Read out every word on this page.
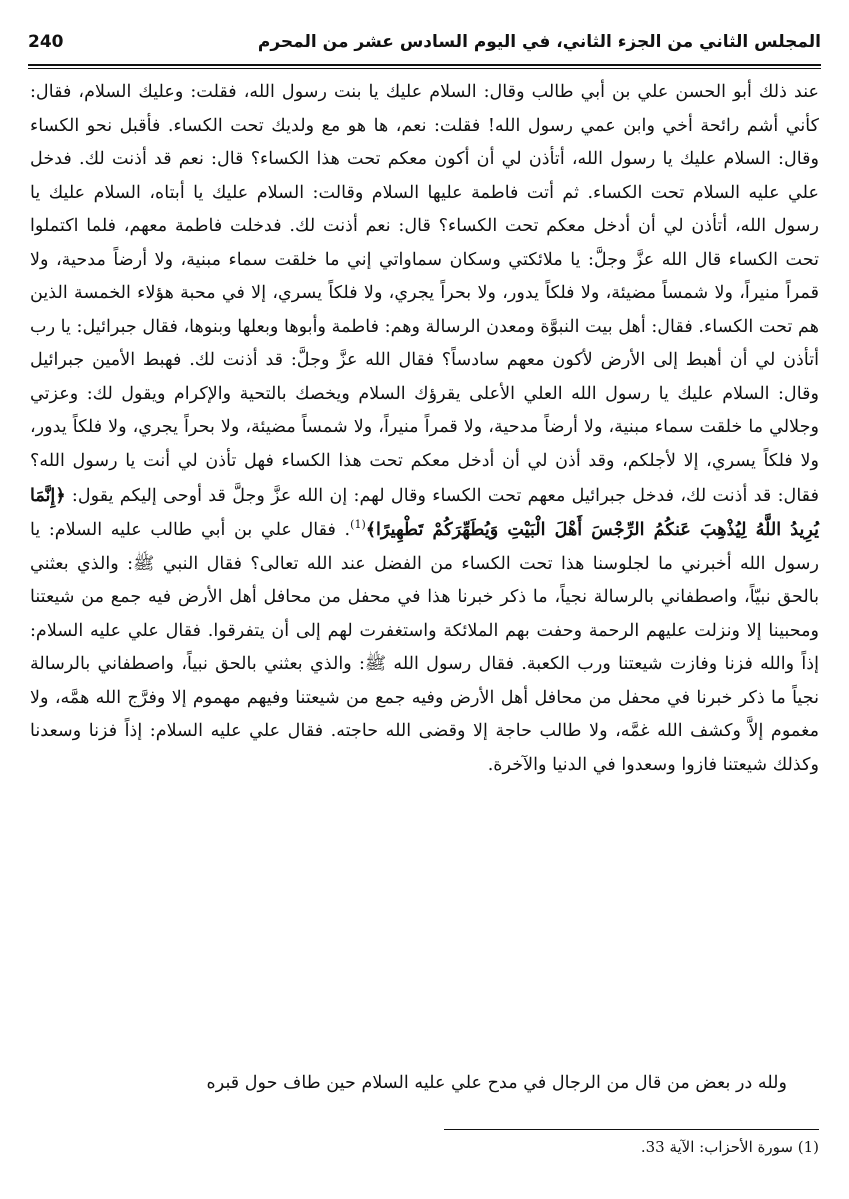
المجلس الثاني من الجزء الثاني، في اليوم السادس عشر من المحرم
240

عند ذلك أبو الحسن علي بن أبي طالب وقال: السلام عليك يا بنت رسول الله، فقلت: وعليك السلام، فقال: كأني أشم رائحة أخي وابن عمي رسول الله! فقلت: نعم، ها هو مع ولديك تحت الكساء. فأقبل نحو الكساء وقال: السلام عليك يا رسول الله، أتأذن لي أن أكون معكم تحت هذا الكساء؟ قال: نعم قد أذنت لك. فدخل علي عليه السلام تحت الكساء. ثم أتت فاطمة عليها السلام وقالت: السلام عليك يا أبتاه، السلام عليك يا رسول الله، أتأذن لي أن أدخل معكم تحت الكساء؟ قال: نعم أذنت لك. فدخلت فاطمة معهم، فلما اكتملوا تحت الكساء قال الله عزَّ وجلَّ: يا ملائكتي وسكان سماواتي إني ما خلقت سماء مبنية، ولا أرضاً مدحية، ولا قمراً منيراً، ولا شمساً مضيئة، ولا فلكاً يدور، ولا بحراً يجري، ولا فلكاً يسري، إلا في محبة هؤلاء الخمسة الذين هم تحت الكساء. فقال: أهل بيت النبوَّة ومعدن الرسالة وهم: فاطمة وأبوها وبعلها وبنوها، فقال جبرائيل: يا رب أتأذن لي أن أهبط إلى الأرض لأكون معهم سادساً؟ فقال الله عزَّ وجلَّ: قد أذنت لك. فهبط الأمين جبرائيل وقال: السلام عليك يا رسول الله العلي الأعلى يقرؤك السلام ويخصك بالتحية والإكرام ويقول لك: وعزتي وجلالي ما خلقت سماء مبنية، ولا أرضاً مدحية، ولا قمراً منيراً، ولا شمساً مضيئة، ولا بحراً يجري، ولا فلكاً يدور، ولا فلكاً يسري، إلا لأجلكم، وقد أذن لي أن أدخل معكم تحت هذا الكساء فهل تأذن لي أنت يا رسول الله؟ فقال: قد أذنت لك، فدخل جبرائيل معهم تحت الكساء وقال لهم: إن الله عزَّ وجلَّ قد أوحى إليكم يقول: ﴿إِنَّمَا يُرِيدُ اللَّهُ لِيُذْهِبَ عَنكُمُ الرِّجْسَ أَهْلَ الْبَيْتِ وَيُطَهِّرَكُمْ تَطْهِيرًا﴾$^{(1)}$. فقال علي بن أبي طالب عليه السلام: يا رسول الله أخبرني ما لجلوسنا هذا تحت الكساء من الفضل عند الله تعالى؟ فقال النبي ﷺ: والذي بعثني بالحق نبيّاً، واصطفاني بالرسالة نجياً، ما ذكر خبرنا هذا في محفل من محافل أهل الأرض فيه جمع من شيعتنا ومحبينا إلا ونزلت عليهم الرحمة وحفت بهم الملائكة واستغفرت لهم إلى أن يتفرقوا. فقال علي عليه السلام: إذاً والله فزنا وفازت شيعتنا ورب الكعبة. فقال رسول الله ﷺ: والذي بعثني بالحق نبياً، واصطفاني بالرسالة نجياً ما ذكر خبرنا في محفل من محافل أهل الأرض وفيه جمع من شيعتنا وفيهم مهموم إلا وفرَّج الله همَّه، ولا مغموم إلاَّ وكشف الله غمَّه، ولا طالب حاجة إلا وقضى الله حاجته. فقال علي عليه السلام: إذاً فزنا وسعدنا وكذلك شيعتنا فازوا وسعدوا في الدنيا والآخرة.

ولله در بعض من قال من الرجال في مدح علي عليه السلام حين طاف حول قبره
(1) سورة الأحزاب: الآية 33.
